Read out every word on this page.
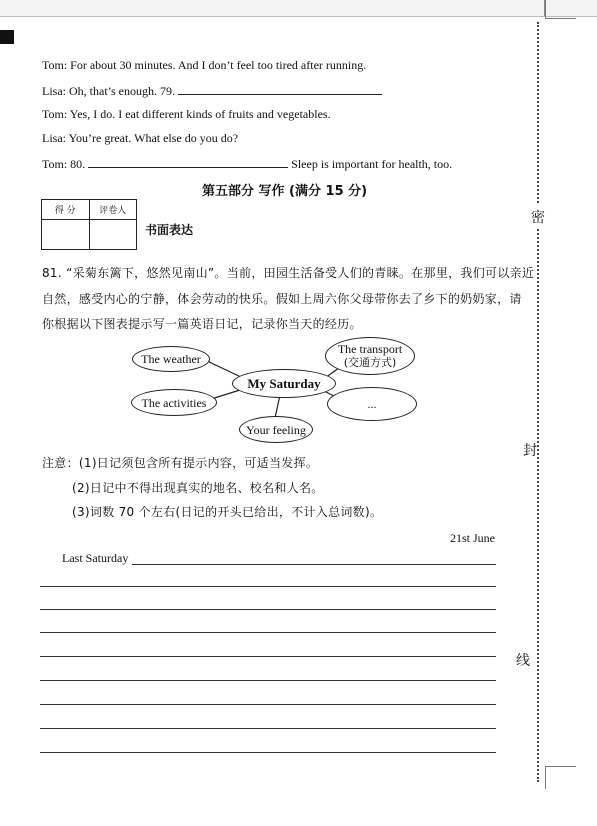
密
封
线
Tom: For about 30 minutes. And I don’t feel too tired after running.
Lisa: Oh, that’s enough. 79.
Tom: Yes, I do. I eat different kinds of fruits and vegetables.
Lisa: You’re great. What else do you do?
Tom: 80.	Sleep is important for health, too.
第五部分 写作 (满分 15 分)
得 分	评卷人

书面表达
81. “采菊东篱下，悠然见南山”。当前，田园生活备受人们的青睐。在那里，我们可以亲近
自然，感受内心的宁静，体会劳动的快乐。假如上周六你父母带你去了乡下的奶奶家，请
你根据以下图表提示写一篇英语日记，记录你当天的经历。
The weather
The transport
(交通方式)
My Saturday
The activities	...
Your feeling
注意：(1)日记须包含所有提示内容，可适当发挥。
(2)日记中不得出现真实的地名、校名和人名。
(3)词数 70 个左右(日记的开头已给出，不计入总词数)。
21st June
Last Saturday
